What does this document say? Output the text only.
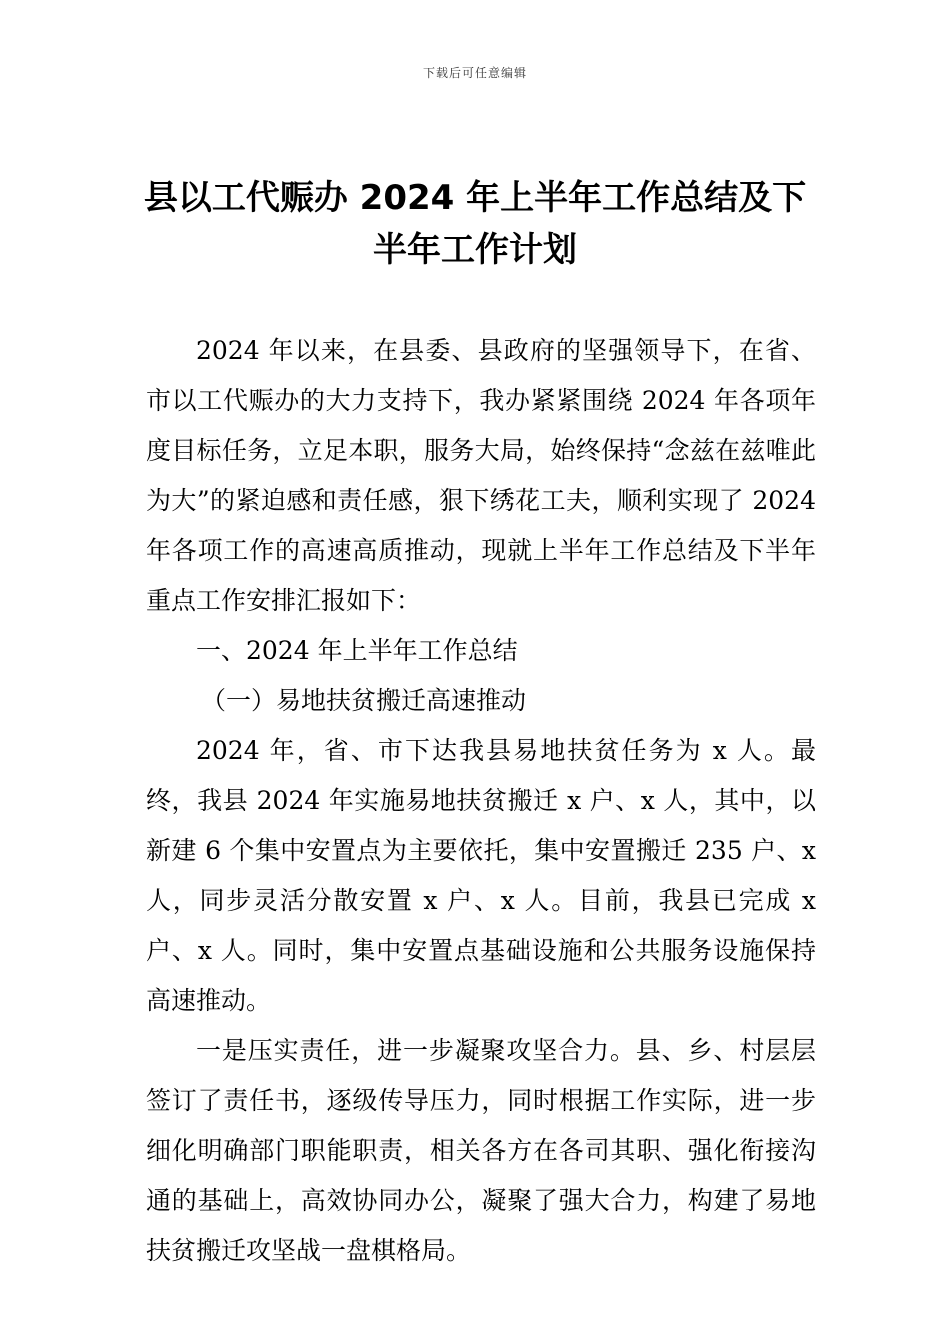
下载后可任意编辑
县以工代赈办 2024 年上半年工作总结及下
半年工作计划

2024 年以来，在县委、县政府的坚强领导下，在省、市以工代赈办的大力支持下，我办紧紧围绕 2024 年各项年度目标任务，立足本职，服务大局，始终保持“念兹在兹唯此为大”的紧迫感和责任感，狠下绣花工夫，顺利实现了 2024 年各项工作的高速高质推动，现就上半年工作总结及下半年重点工作安排汇报如下：

一、2024 年上半年工作总结

（一）易地扶贫搬迁高速推动

2024 年，省、市下达我县易地扶贫任务为 x 人。最终，我县 2024 年实施易地扶贫搬迁 x 户、x 人，其中，以新建 6 个集中安置点为主要依托，集中安置搬迁 235 户、x 人，同步灵活分散安置 x 户、x 人。目前，我县已完成 x 户、x 人。同时，集中安置点基础设施和公共服务设施保持高速推动。

一是压实责任，进一步凝聚攻坚合力。县、乡、村层层签订了责任书，逐级传导压力，同时根据工作实际，进一步细化明确部门职能职责，相关各方在各司其职、强化衔接沟通的基础上，高效协同办公，凝聚了强大合力，构建了易地扶贫搬迁攻坚战一盘棋格局。
